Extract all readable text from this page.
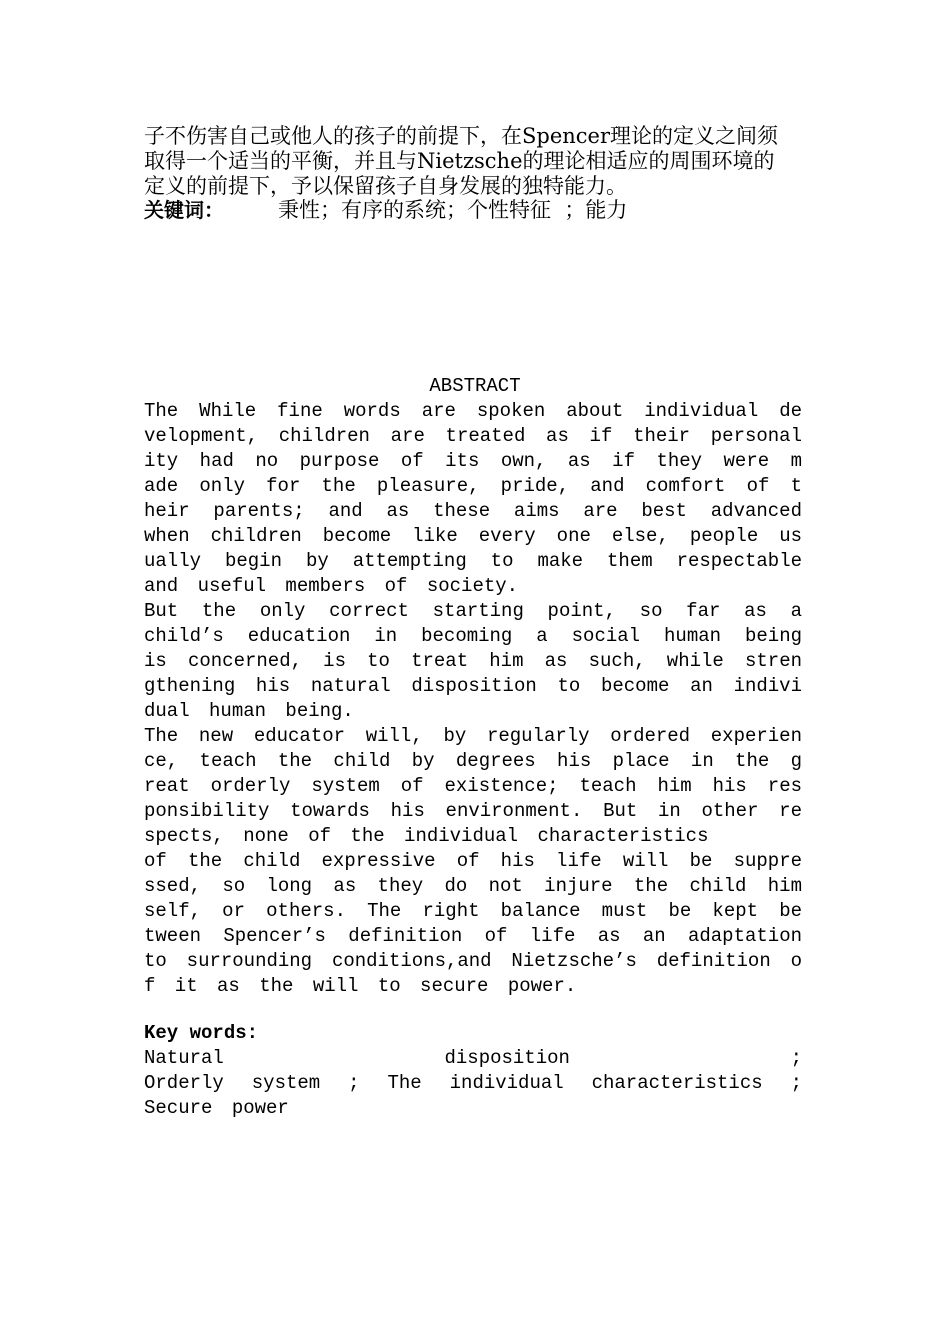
子不伤害自己或他人的孩子的前提下，在Spencer理论的定义之间须
取得一个适当的平衡，并且与Nietzsche的理论相适应的周围环境的
定义的前提下，予以保留孩子自身发展的独特能力。
关键词：	秉性；有序的系统；个性特征  ；能力
ABSTRACT
The While fine words are spoken about individual de
velopment, children are treated as if their personal
ity had no purpose of its own, as if they were m
ade only for the pleasure, pride, and comfort of t
heir parents; and as these aims are best advanced
when children become like every one else, people us
ually begin by attempting to make them respectable
and useful members of society.
But the only correct starting point, so far as a
child’s education in becoming a social human being
is concerned, is to treat him as such, while stren
gthening his natural disposition to become an indivi
dual human being.
The new educator will, by regularly ordered experien
ce, teach the child by degrees his place in the g
reat orderly system of existence; teach him his res
ponsibility towards his environment. But in other re
spects, none of the individual characteristics
of the child expressive of his life will be suppre
ssed, so long as they do not injure the child him
self, or others. The right balance must be kept be
tween Spencer’s definition of life as an adaptation
to surrounding conditions,and Nietzsche’s definition o
f it as the will to secure power.
Key words:
Natural disposition ;
Orderly system ; The individual characteristics ;
Secure power
